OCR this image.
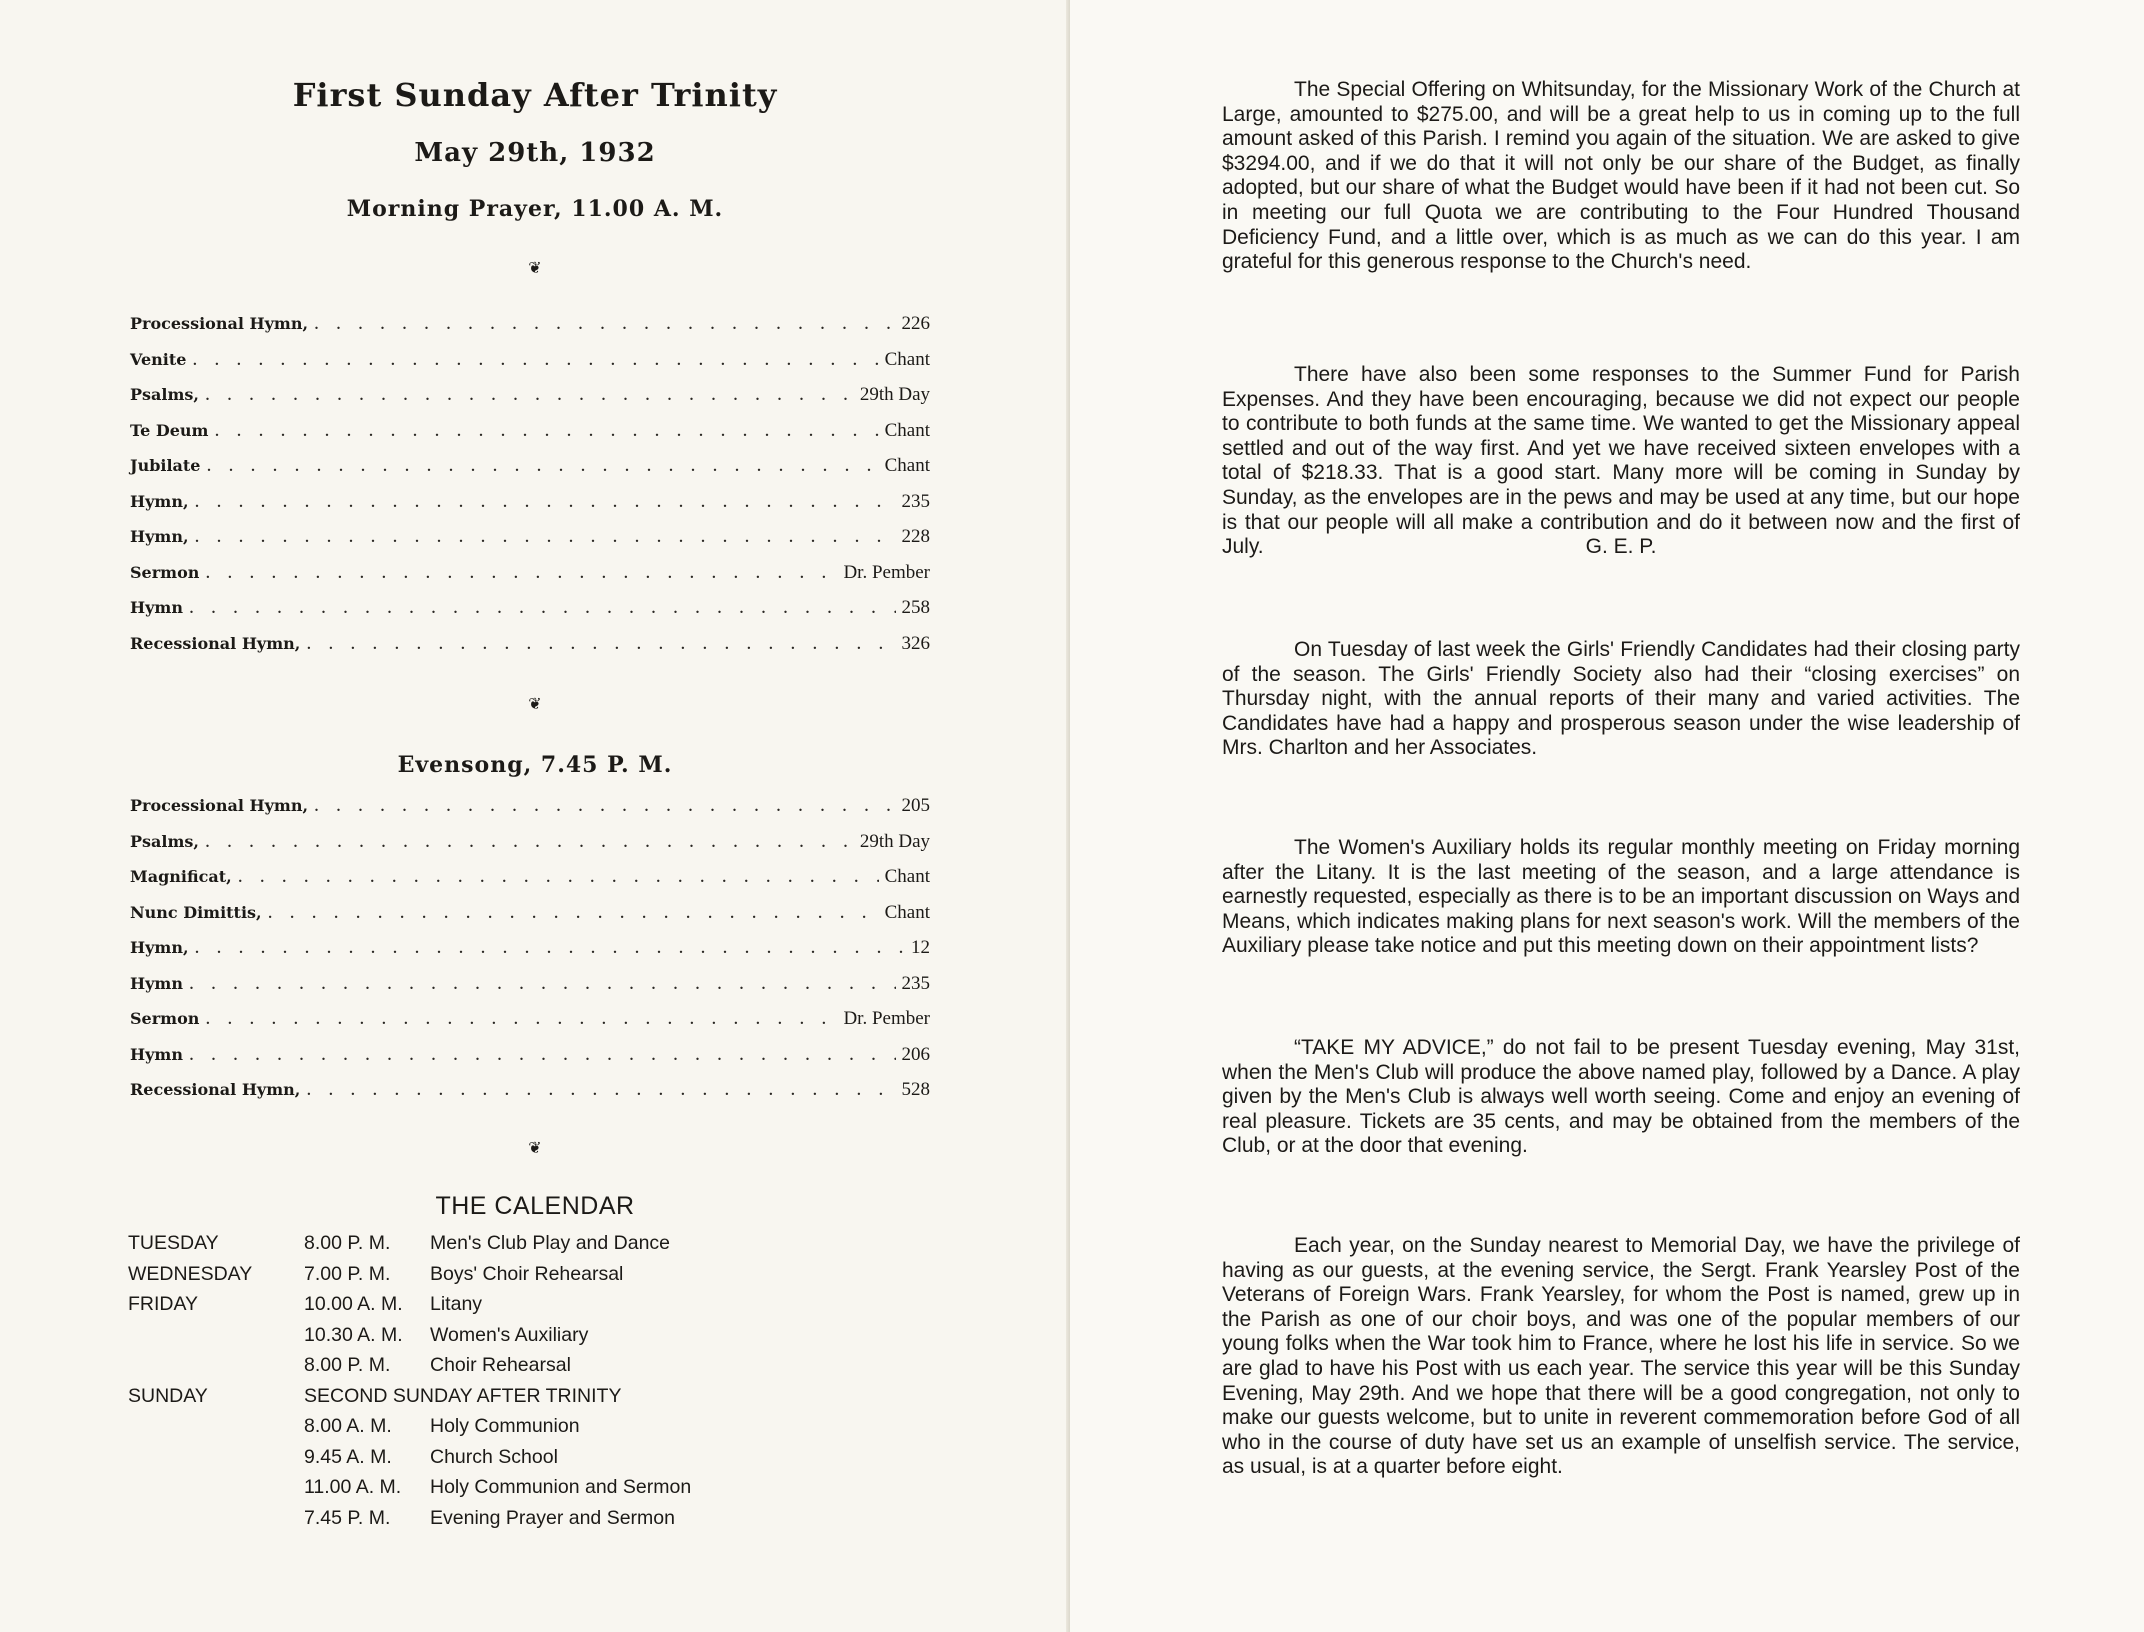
First Sunday After Trinity
May 29th, 1932
Morning Prayer, 11.00 A. M.
❦
Processional Hymn, . . .	226
Venite . . .	Chant
Psalms, . . .	29th Day
Te Deum . . .	Chant
Jubilate . . .	Chant
Hymn, . . .	235
Hymn, . . .	228
Sermon . . .	Dr. Pember
Hymn . . .	258
Recessional Hymn, . . .	326
❦
Evensong, 7.45 P. M.
Processional Hymn, . . .	205
Psalms, . . .	29th Day
Magnificat, . . .	Chant
Nunc Dimittis, . . .	Chant
Hymn, . . .	12
Hymn . . .	235
Sermon . . .	Dr. Pember
Hymn . . .	206
Recessional Hymn, . . .	528
❦
THE CALENDAR
TUESDAY	8.00 P. M. Men's Club Play and Dance
WEDNESDAY	7.00 P. M. Boys' Choir Rehearsal
FRIDAY	10.00 A. M. Litany
10.30 A. M. Women's Auxiliary
8.00 P. M. Choir Rehearsal
SUNDAY	SECOND SUNDAY AFTER TRINITY
8.00 A. M. Holy Communion
9.45 A. M. Church School
11.00 A. M. Holy Communion and Sermon
7.45 P. M. Evening Prayer and Sermon

The Special Offering on Whitsunday, for the Missionary Work of the Church at Large, amounted to $275.00, and will be a great help to us in coming up to the full amount asked of this Parish. I remind you again of the situation. We are asked to give $3294.00, and if we do that it will not only be our share of the Budget, as finally adopted, but our share of what the Budget would have been if it had not been cut. So in meeting our full Quota we are contributing to the Four Hundred Thousand Deficiency Fund, and a little over, which is as much as we can do this year. I am grateful for this generous response to the Church's need.

There have also been some responses to the Summer Fund for Parish Expenses. And they have been encouraging, because we did not expect our people to contribute to both funds at the same time. We wanted to get the Missionary appeal settled and out of the way first. And yet we have received sixteen envelopes with a total of $218.33. That is a good start. Many more will be coming in Sunday by Sunday, as the envelopes are in the pews and may be used at any time, but our hope is that our people will all make a contribution and do it between now and the first of July.	G. E. P.

On Tuesday of last week the Girls' Friendly Candidates had their closing party of the season. The Girls' Friendly Society also had their “closing exercises” on Thursday night, with the annual reports of their many and varied activities. The Candidates have had a happy and prosperous season under the wise leadership of Mrs. Charlton and her Associates.

The Women's Auxiliary holds its regular monthly meeting on Friday morning after the Litany. It is the last meeting of the season, and a large attendance is earnestly requested, especially as there is to be an important discussion on Ways and Means, which indicates making plans for next season's work. Will the members of the Auxiliary please take notice and put this meeting down on their appointment lists?

“TAKE MY ADVICE,” do not fail to be present Tuesday evening, May 31st, when the Men's Club will produce the above named play, followed by a Dance. A play given by the Men's Club is always well worth seeing. Come and enjoy an evening of real pleasure. Tickets are 35 cents, and may be obtained from the members of the Club, or at the door that evening.

Each year, on the Sunday nearest to Memorial Day, we have the privilege of having as our guests, at the evening service, the Sergt. Frank Yearsley Post of the Veterans of Foreign Wars. Frank Yearsley, for whom the Post is named, grew up in the Parish as one of our choir boys, and was one of the popular members of our young folks when the War took him to France, where he lost his life in service. So we are glad to have his Post with us each year. The service this year will be this Sunday Evening, May 29th. And we hope that there will be a good congregation, not only to make our guests welcome, but to unite in reverent commemoration before God of all who in the course of duty have set us an example of unselfish service. The service, as usual, is at a quarter before eight.
